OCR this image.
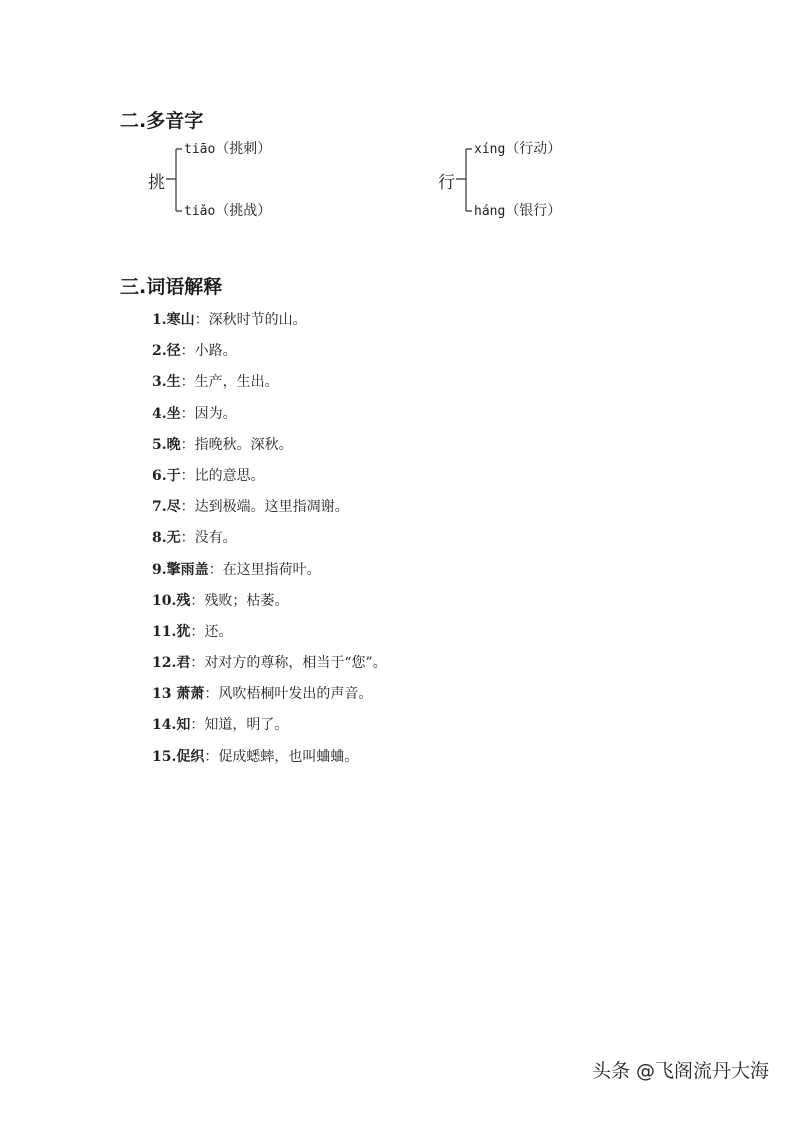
二.多音字
挑
tiāo（挑刺）
tiǎo（挑战）
行
xíng（行动）
háng（银行）
三.词语解释
1.寒山：深秋时节的山。
2.径：小路。
3.生：生产，生出。
4.坐：因为。
5.晚：指晚秋。深秋。
6.于：比的意思。
7.尽：达到极端。这里指凋谢。
8.无：没有。
9.擎雨盖：在这里指荷叶。
10.残：残败；枯萎。
11.犹：还。
12.君：对对方的尊称，相当于“您”。
13 萧萧：风吹梧桐叶发出的声音。
14.知：知道，明了。
15.促织：促成蟋蟀，也叫蛐蛐。
头条 @飞阁流丹大海
